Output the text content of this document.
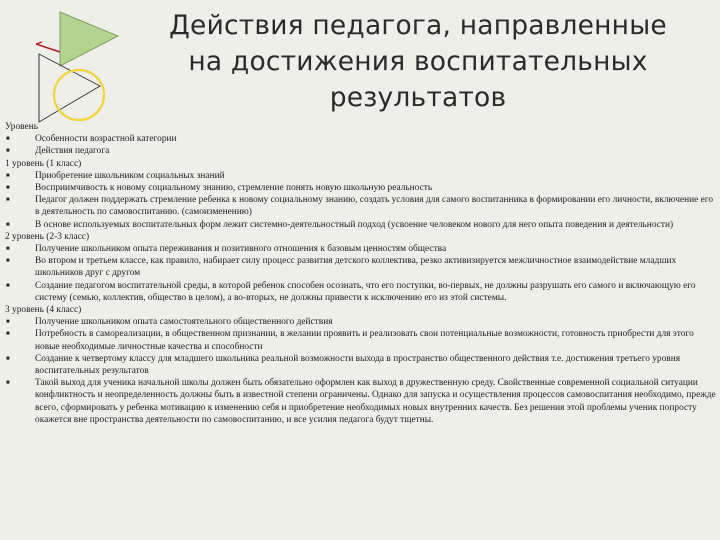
Действия педагога, направленные
на достижения воспитательных
результатов
Уровень
■	Особенности возрастной категории
■	Действия педагога
1 уровень (1 класс)
■	Приобретение школьником социальных знаний
■	Восприимчивость к новому социальному знанию, стремление понять новую школьную реальность
■	Педагог должен поддержать стремление ребенка к новому социальному знанию, создать условия для самого воспитанника в формировании его личности, включение его в деятельность по самовоспитанию. (самоизменению)
■	В основе используемых воспитательных форм лежит системно-деятельностный подход (усвоение человеком нового для него опыта поведения и деятельности)
2 уровень (2-3 класс)
■	Получение школьником опыта переживания и позитивного отношения к базовым ценностям общества
■	Во втором и третьем классе, как правило, набирает силу процесс развития детского коллектива, резко активизируется межличностное взаимодействие младших школьников друг с другом
■	Создание педагогом воспитательной среды, в которой ребенок способен осознать, что его поступки, во-первых, не должны разрушать его самого и включающую его систему (семью, коллектив, общество в целом), а во-вторых, не должны привести к исключению его из этой системы.
3 уровень (4 класс)
■	Получение школьником опыта самостоятельного общественного действия
■	Потребность в самореализации, в общественном признании, в желании проявить и реализовать свои потенциальные возможности, готовность приобрести для этого новые необходимые личностные качества и способности
■	Создание к четвертому классу для младшего школьника реальной возможности выхода в пространство общественного действия т.е. достижения третьего уровня воспитательных результатов
■	Такой выход для ученика начальной школы должен быть обязательно оформлен как выход в дружественную среду. Свойственные современной социальной ситуации конфликтность и неопределенность должны быть в известной степени ограничены. Однако для запуска и осуществления процессов самовоспитания необходимо, прежде всего, сформировать у ребенка мотивацию к изменению себя и приобретение необходимых новых внутренних качеств. Без решения этой проблемы ученик попросту окажется вне пространства деятельности по самовоспитанию, и все усилия педагога будут тщетны.
